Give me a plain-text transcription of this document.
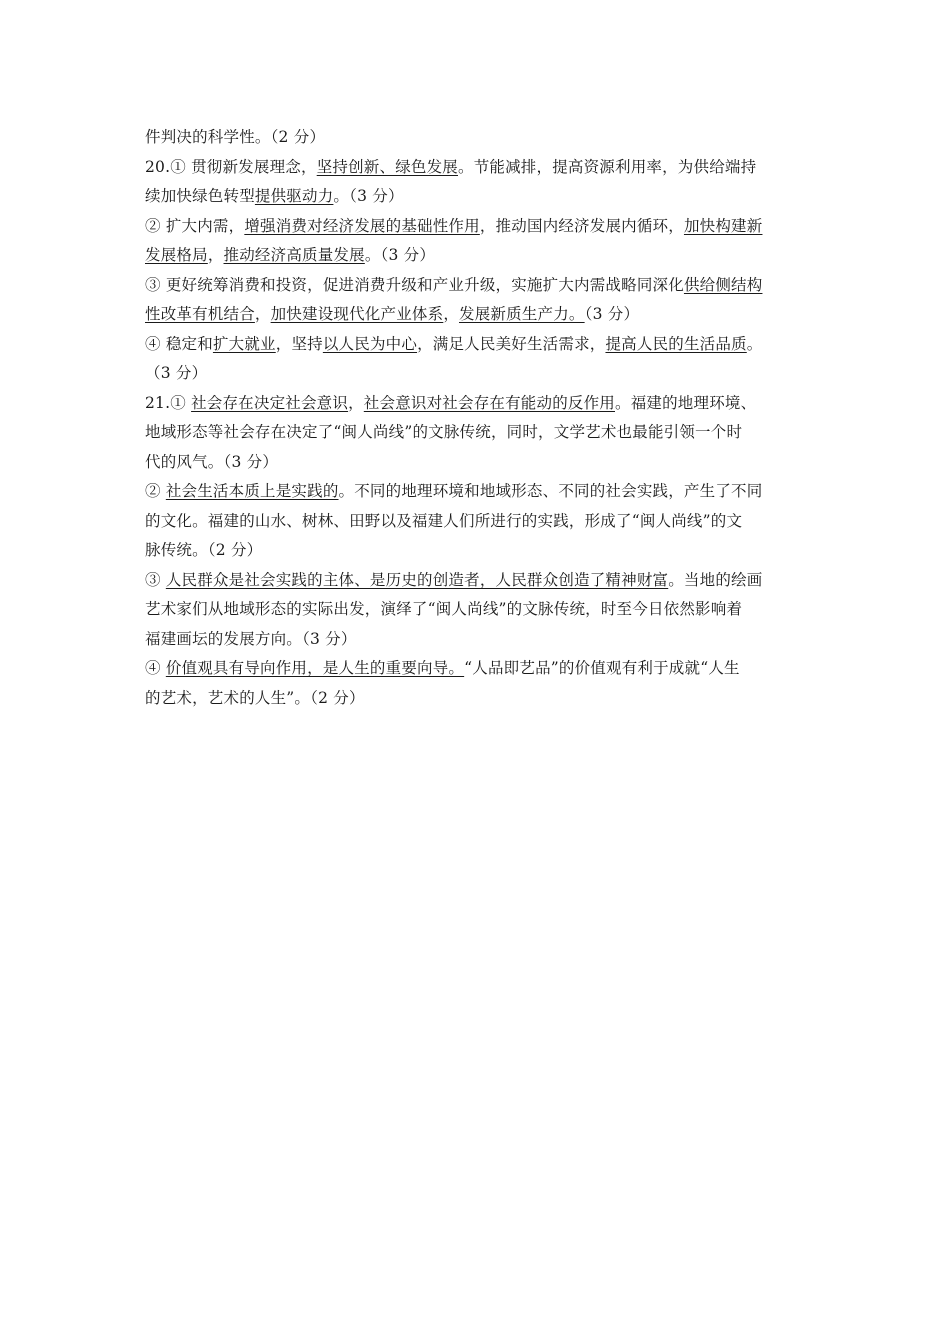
件判决的科学性。（2 分）
20.① 贯彻新发展理念，坚持创新、绿色发展。节能减排，提高资源利用率，为供给端持
续加快绿色转型提供驱动力。（3 分）
② 扩大内需，增强消费对经济发展的基础性作用，推动国内经济发展内循环，加快构建新
发展格局，推动经济高质量发展。（3 分）
③ 更好统筹消费和投资，促进消费升级和产业升级，实施扩大内需战略同深化供给侧结构
性改革有机结合，加快建设现代化产业体系，发展新质生产力。（3 分）
④ 稳定和扩大就业，坚持以人民为中心，满足人民美好生活需求，提高人民的生活品质。
（3 分）
21.① 社会存在决定社会意识，社会意识对社会存在有能动的反作用。福建的地理环境、
地域形态等社会存在决定了“闽人尚线”的文脉传统，同时，文学艺术也最能引领一个时
代的风气。（3 分）
② 社会生活本质上是实践的。不同的地理环境和地域形态、不同的社会实践，产生了不同
的文化。福建的山水、树林、田野以及福建人们所进行的实践，形成了“闽人尚线”的文
脉传统。（2 分）
③ 人民群众是社会实践的主体、是历史的创造者，人民群众创造了精神财富。当地的绘画
艺术家们从地域形态的实际出发，演绎了“闽人尚线”的文脉传统，时至今日依然影响着
福建画坛的发展方向。（3 分）
④ 价值观具有导向作用，是人生的重要向导。“人品即艺品”的价值观有利于成就“人生
的艺术，艺术的人生”。（2 分）
